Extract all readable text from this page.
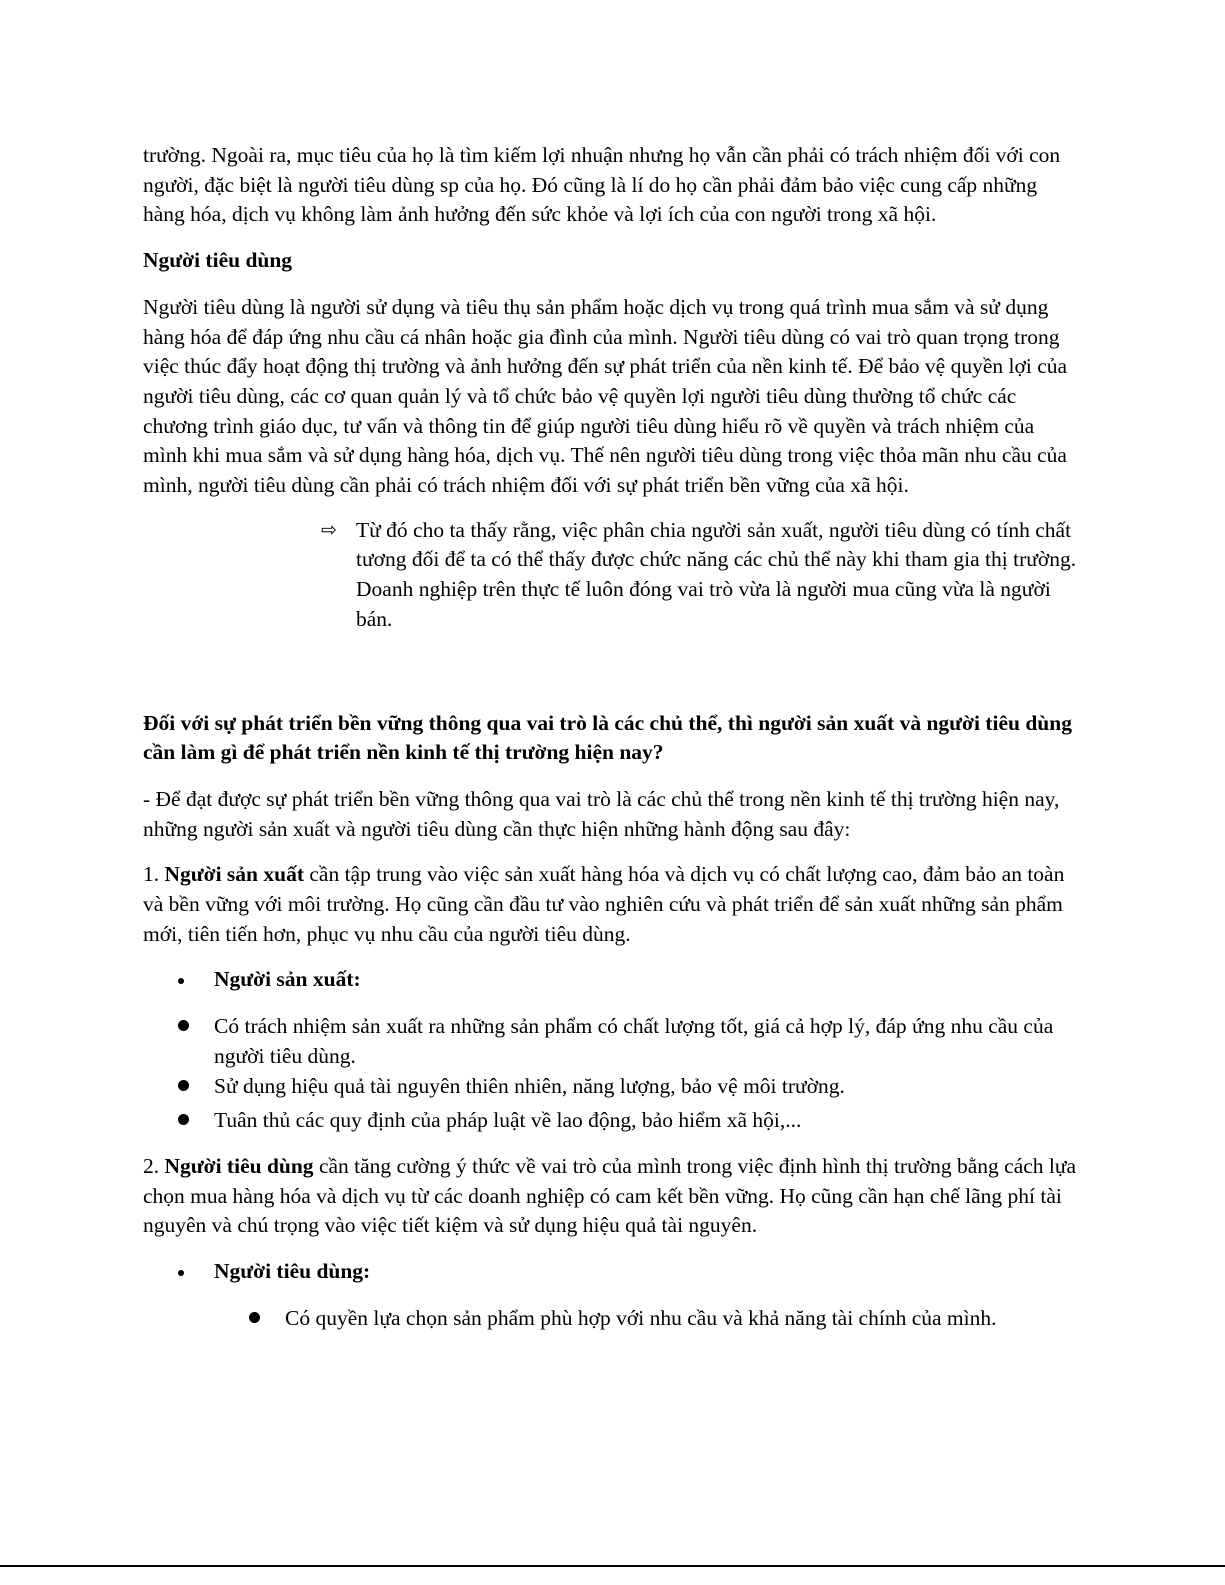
trường. Ngoài ra, mục tiêu của họ là tìm kiếm lợi nhuận nhưng họ vẫn cần phải có trách nhiệm đối với con người, đặc biệt là người tiêu dùng sp của họ. Đó cũng là lí do họ cần phải đảm bảo việc cung cấp những hàng hóa, dịch vụ không làm ảnh hưởng đến sức khỏe và lợi ích của con người trong xã hội.

Người tiêu dùng

Người tiêu dùng là người sử dụng và tiêu thụ sản phẩm hoặc dịch vụ trong quá trình mua sắm và sử dụng hàng hóa để đáp ứng nhu cầu cá nhân hoặc gia đình của mình. Người tiêu dùng có vai trò quan trọng trong việc thúc đẩy hoạt động thị trường và ảnh hưởng đến sự phát triển của nền kinh tế. Để bảo vệ quyền lợi của người tiêu dùng, các cơ quan quản lý và tổ chức bảo vệ quyền lợi người tiêu dùng thường tổ chức các chương trình giáo dục, tư vấn và thông tin để giúp người tiêu dùng hiểu rõ về quyền và trách nhiệm của mình khi mua sắm và sử dụng hàng hóa, dịch vụ. Thế nên người tiêu dùng trong việc thỏa mãn nhu cầu của mình, người tiêu dùng cần phải có trách nhiệm đối với sự phát triển bền vững của xã hội.

⇨ Từ đó cho ta thấy rằng, việc phân chia người sản xuất, người tiêu dùng có tính chất tương đối để ta có thể thấy được chức năng các chủ thể này khi tham gia thị trường. Doanh nghiệp trên thực tế luôn đóng vai trò vừa là người mua cũng vừa là người bán.

Đối với sự phát triển bền vững thông qua vai trò là các chủ thể, thì người sản xuất và người tiêu dùng cần làm gì để phát triển nền kinh tế thị trường hiện nay?

- Để đạt được sự phát triển bền vững thông qua vai trò là các chủ thể trong nền kinh tế thị trường hiện nay, những người sản xuất và người tiêu dùng cần thực hiện những hành động sau đây:

1. Người sản xuất cần tập trung vào việc sản xuất hàng hóa và dịch vụ có chất lượng cao, đảm bảo an toàn và bền vững với môi trường. Họ cũng cần đầu tư vào nghiên cứu và phát triển để sản xuất những sản phẩm mới, tiên tiến hơn, phục vụ nhu cầu của người tiêu dùng.

Người sản xuất:
Có trách nhiệm sản xuất ra những sản phẩm có chất lượng tốt, giá cả hợp lý, đáp ứng nhu cầu của người tiêu dùng.
Sử dụng hiệu quả tài nguyên thiên nhiên, năng lượng, bảo vệ môi trường.
Tuân thủ các quy định của pháp luật về lao động, bảo hiểm xã hội,...

2. Người tiêu dùng cần tăng cường ý thức về vai trò của mình trong việc định hình thị trường bằng cách lựa chọn mua hàng hóa và dịch vụ từ các doanh nghiệp có cam kết bền vững. Họ cũng cần hạn chế lãng phí tài nguyên và chú trọng vào việc tiết kiệm và sử dụng hiệu quả tài nguyên.

Người tiêu dùng:
Có quyền lựa chọn sản phẩm phù hợp với nhu cầu và khả năng tài chính của mình.
